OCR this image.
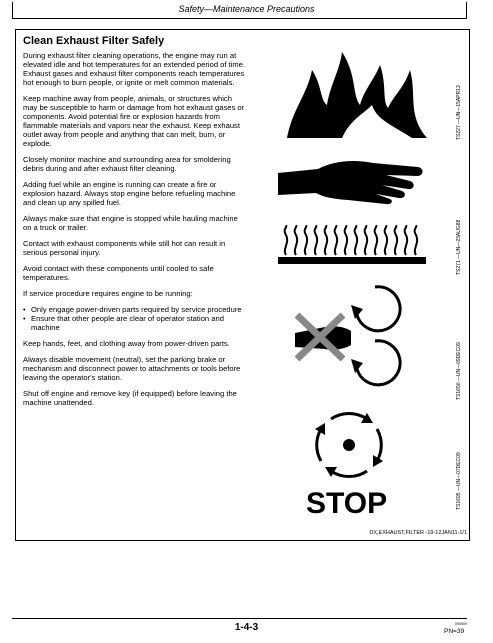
Safety—Maintenance Precautions
Clean Exhaust Filter Safely

During exhaust filter cleaning operations, the engine may run at elevated idle and hot temperatures for an extended period of time. Exhaust gases and exhaust filter components reach temperatures hot enough to burn people, or ignite or melt common materials.

Keep machine away from people, animals, or structures which may be susceptible to harm or damage from hot exhaust gases or components. Avoid potential fire or explosion hazards from flammable materials and vapors near the exhaust. Keep exhaust outlet away from people and anything that can melt, burn, or explode.

Closely monitor machine and surrounding area for smoldering debris during and after exhaust filter cleaning.

Adding fuel while an engine is running can create a fire or explosion hazard. Always stop engine before refueling machine and clean up any spilled fuel.

Always make sure that engine is stopped while hauling machine on a truck or trailer.

Contact with exhaust components while still hot can result in serious personal injury.

Avoid contact with these components until cooled to safe temperatures.

If service procedure requires engine to be running:

• Only engage power-driven parts required by service procedure
• Ensure that other people are clear of operator station and machine

Keep hands, feet, and clothing away from power-driven parts.

Always disable movement (neutral), set the parking brake or mechanism and disconnect power to attachments or tools before leaving the operator's station.

Shut off engine and remove key (if equipped) before leaving the machine unattended.

TS227 —UN—15APR13
TS271 —UN—23AUG88
TS1650 —UN—09DEC09
STOP	TS1695 —UN—07DEC09
DX,EXHAUST,FILTER -19-12JAN11-1/1
1-4-3	090509
PN=39
